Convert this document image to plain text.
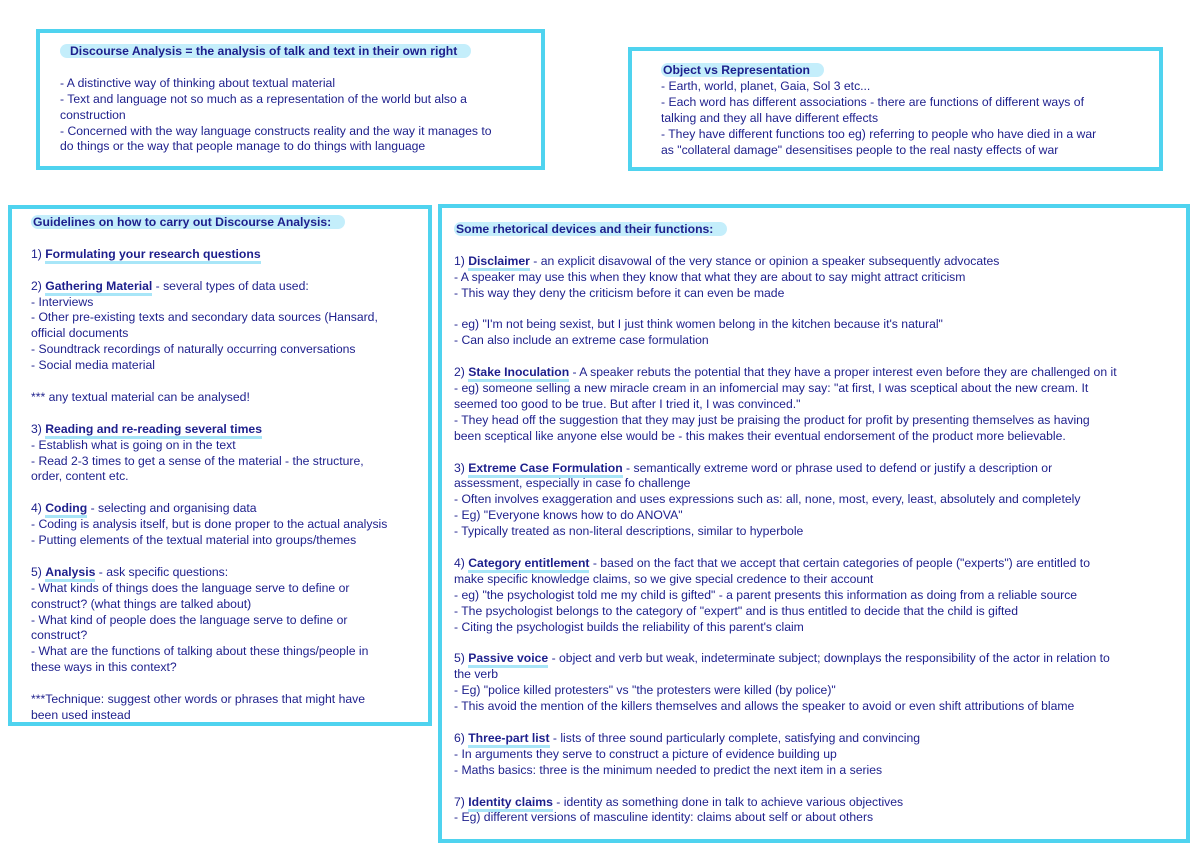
Discourse Analysis = the analysis of talk and text in their own right
- A distinctive way of thinking about textual material
- Text and language not so much as a representation of the world but also a
construction
- Concerned with the way language constructs reality and the way it manages to
do things or the way that people manage to do things with language
Object vs Representation
- Earth, world, planet, Gaia, Sol 3 etc...
- Each word has different associations - there are functions of different ways of
talking and they all have different effects
- They have different functions too eg) referring to people who have died in a war
as "collateral damage" desensitises people to the real nasty effects of war
Guidelines on how to carry out Discourse Analysis:
1) Formulating your research questions
2) Gathering Material - several types of data used:
- Interviews
- Other pre-existing texts and secondary data sources (Hansard,
official documents
- Soundtrack recordings of naturally occurring conversations
- Social media material
*** any textual material can be analysed!
3) Reading and re-reading several times
- Establish what is going on in the text
- Read 2-3 times to get a sense of the material - the structure,
order, content etc.
4) Coding - selecting and organising data
- Coding is analysis itself, but is done proper to the actual analysis
- Putting elements of the textual material into groups/themes
5) Analysis - ask specific questions:
- What kinds of things does the language serve to define or
construct? (what things are talked about)
- What kind of people does the language serve to define or
construct?
- What are the functions of talking about these things/people in
these ways in this context?
***Technique: suggest other words or phrases that might have
been used instead
Some rhetorical devices and their functions:
1) Disclaimer - an explicit disavowal of the very stance or opinion a speaker subsequently advocates
- A speaker may use this when they know that what they are about to say might attract criticism
- This way they deny the criticism before it can even be made
- eg) "I'm not being sexist, but I just think women belong in the kitchen because it's natural"
- Can also include an extreme case formulation
2) Stake Inoculation - A speaker rebuts the potential that they have a proper interest even before they are challenged on it
- eg) someone selling a new miracle cream in an infomercial may say: "at first, I was sceptical about the new cream. It
seemed too good to be true. But after I tried it, I was convinced."
- They head off the suggestion that they may just be praising the product for profit by presenting themselves as having
been sceptical like anyone else would be - this makes their eventual endorsement of the product more believable.
3) Extreme Case Formulation - semantically extreme word or phrase used to defend or justify a description or
assessment, especially in case fo challenge
- Often involves exaggeration and uses expressions such as: all, none, most, every, least, absolutely and completely
- Eg) "Everyone knows how to do ANOVA"
- Typically treated as non-literal descriptions, similar to hyperbole
4) Category entitlement - based on the fact that we accept that certain categories of people ("experts") are entitled to
make specific knowledge claims, so we give special credence to their account
- eg) "the psychologist told me my child is gifted" - a parent presents this information as doing from a reliable source
- The psychologist belongs to the category of "expert" and is thus entitled to decide that the child is gifted
- Citing the psychologist builds the reliability of this parent's claim
5) Passive voice - object and verb but weak, indeterminate subject; downplays the responsibility of the actor in relation to
the verb
- Eg) "police killed protesters" vs "the protesters were killed (by police)"
- This avoid the mention of the killers themselves and allows the speaker to avoid or even shift attributions of blame
6) Three-part list - lists of three sound particularly complete, satisfying and convincing
- In arguments they serve to construct a picture of evidence building up
- Maths basics: three is the minimum needed to predict the next item in a series
7) Identity claims - identity as something done in talk to achieve various objectives
- Eg) different versions of masculine identity: claims about self or about others
